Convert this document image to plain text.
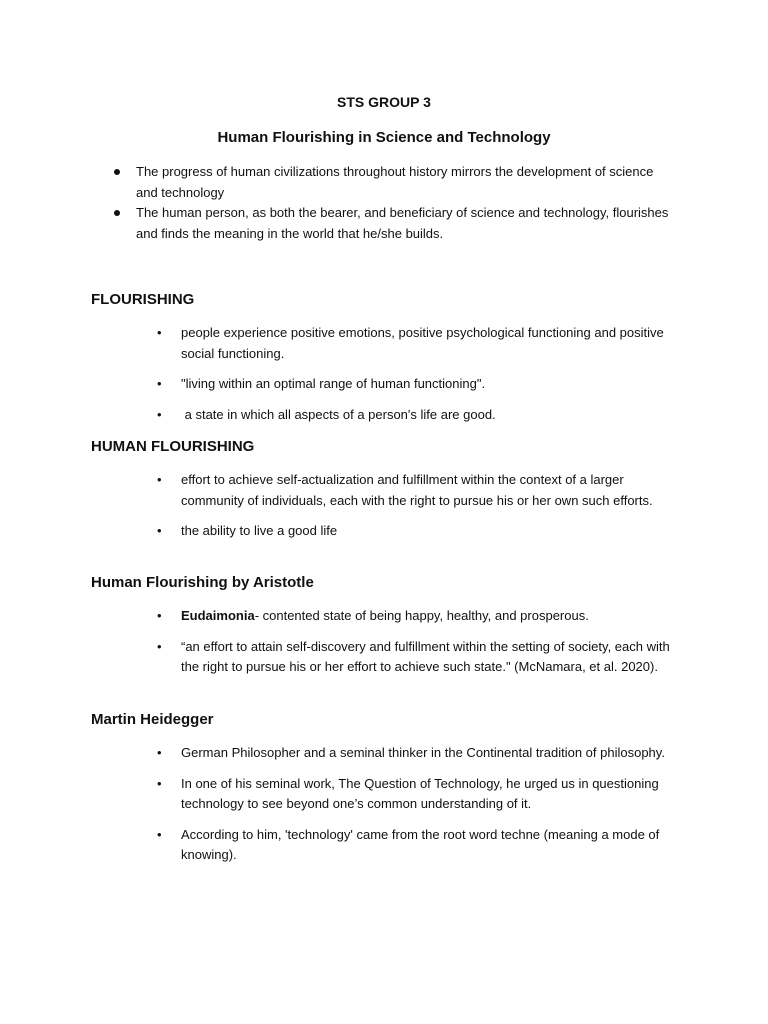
STS GROUP 3
Human Flourishing in Science and Technology
The progress of human civilizations throughout history mirrors the development of science and technology
The human person, as both the bearer, and beneficiary of science and technology, flourishes and finds the meaning in the world that he/she builds.
FLOURISHING
• people experience positive emotions, positive psychological functioning and positive social functioning.
• "living within an optimal range of human functioning".
• a state in which all aspects of a person's life are good.
HUMAN FLOURISHING
• effort to achieve self-actualization and fulfillment within the context of a larger community of individuals, each with the right to pursue his or her own such efforts.
• the ability to live a good life
Human Flourishing by Aristotle
• Eudaimonia- contented state of being happy, healthy, and prosperous.
• “an effort to attain self-discovery and fulfillment within the setting of society, each with the right to pursue his or her effort to achieve such state." (McNamara, et al. 2020).
Martin Heidegger
• German Philosopher and a seminal thinker in the Continental tradition of philosophy.
• In one of his seminal work, The Question of Technology, he urged us in questioning technology to see beyond one’s common understanding of it.
• According to him, 'technology' came from the root word techne (meaning a mode of knowing).
